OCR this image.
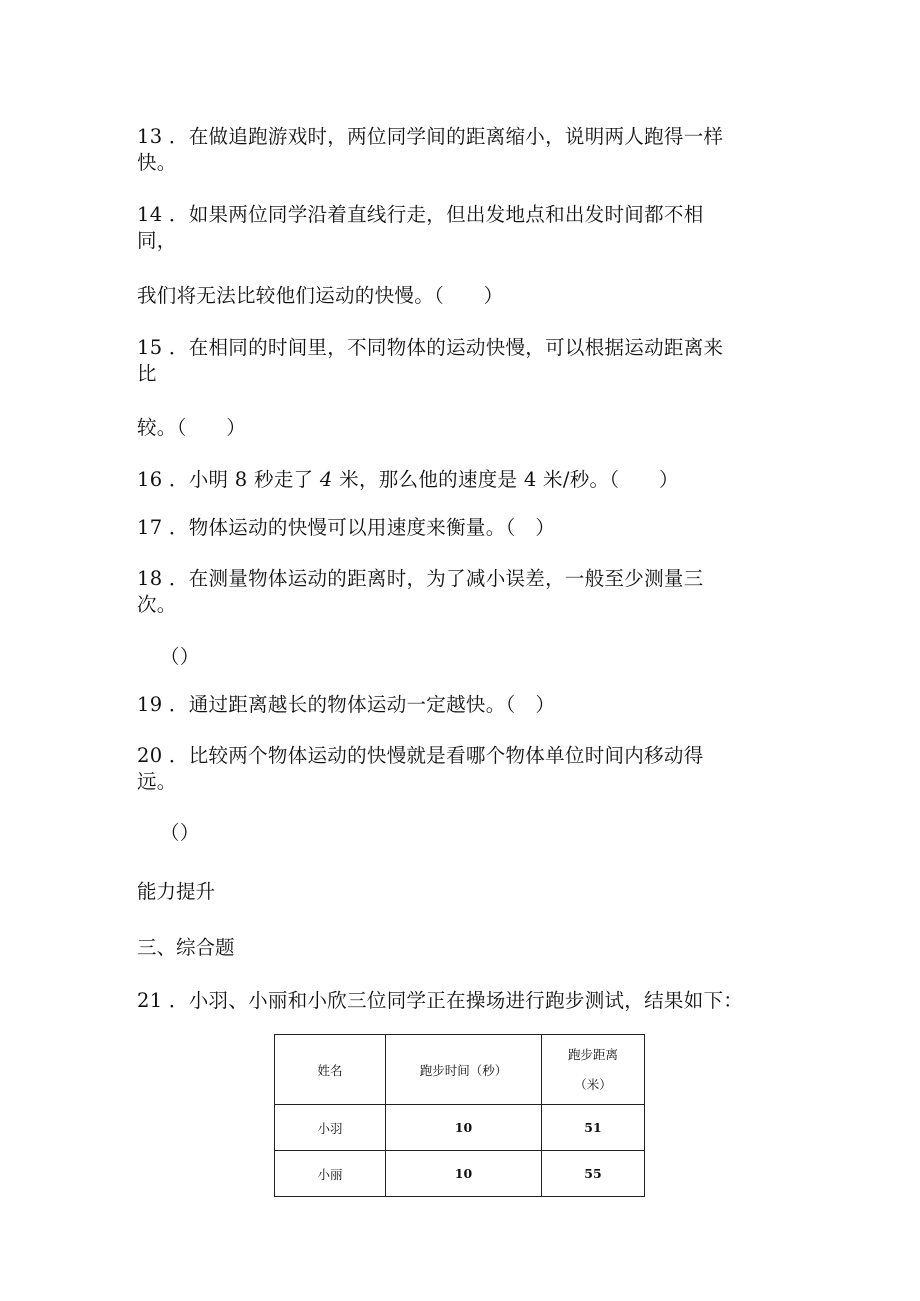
13 ．在做追跑游戏时，两位同学间的距离缩小，说明两人跑得一样
快。
14 ．如果两位同学沿着直线行走，但出发地点和出发时间都不相
同，
我们将无法比较他们运动的快慢。（　　）
15 ．在相同的时间里，不同物体的运动快慢，可以根据运动距离来
比
较。（　　）
16 ．小明 8 秒走了 4 米，那么他的速度是 4 米/秒。（　　）
17 ．物体运动的快慢可以用速度来衡量。（　）
18 ．在测量物体运动的距离时，为了减小误差，一般至少测量三
次。
（）
19 ．通过距离越长的物体运动一定越快。（　）
20 ．比较两个物体运动的快慢就是看哪个物体单位时间内移动得
远。
（）
能力提升
三、综合题
21 ．小羽、小丽和小欣三位同学正在操场进行跑步测试，结果如下：
姓名	跑步时间（秒）	跑步距离
（米）

小羽	10	51
小丽	10	55
